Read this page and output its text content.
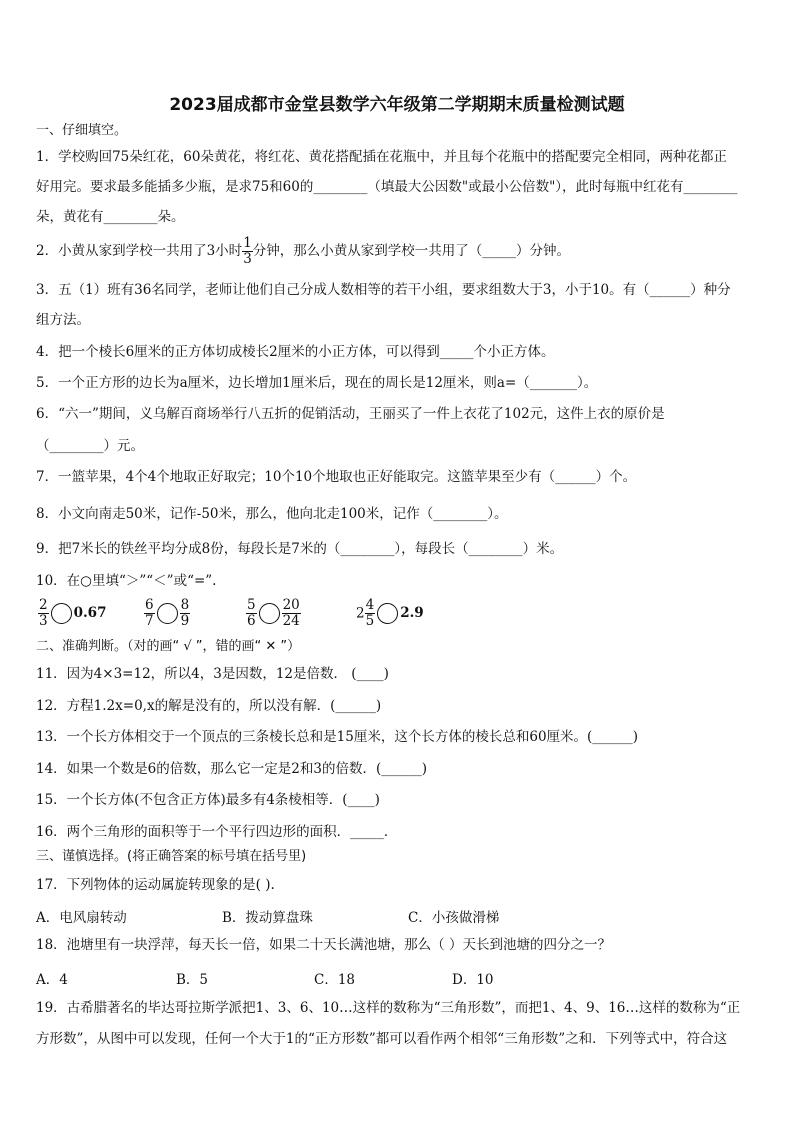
2023届成都市金堂县数学六年级第二学期期末质量检测试题
一、仔细填空。
1．学校购回75朵红花，60朵黄花，将红花、黄花搭配插在花瓶中，并且每个花瓶中的搭配要完全相同，两种花都正
好用完。要求最多能插多少瓶，是求75和60的________（填最大公因数"或最小公倍数"），此时每瓶中红花有________
朵，黄花有________朵。
2．小黄从家到学校一共用了3小时 $\frac{1}{3}$ 分钟，那么小黄从家到学校一共用了（_____）分钟。
3．五（1）班有36名同学，老师让他们自己分成人数相等的若干小组，要求组数大于3，小于10。有（______）种分
组方法。
4．把一个棱长6厘米的正方体切成棱长2厘米的小正方体，可以得到_____个小正方体。
5．一个正方形的边长为a厘米，边长增加1厘米后，现在的周长是12厘米，则a=（_______）。
6．“六一”期间，义乌解百商场举行八五折的促销活动，王丽买了一件上衣花了102元，这件上衣的原价是
（________）元。
7．一篮苹果，4个4个地取正好取完；10个10个地取也正好能取完。这篮苹果至少有（______）个。
8．小文向南走50米，记作-50米，那么，他向北走100米，记作（________）。
9．把7米长的铁丝平均分成8份，每段长是7米的（________），每段长（________）米。
10．在○里填“＞”“＜”或“=”.
$\frac{2}{3} 0.67$	$\frac{6}{7} \frac{8}{9}$	$\frac{5}{6} \frac{20}{24}$	$2 \frac{4}{5} 2.9$
二、准确判断。（对的画“ √ ”，错的画“ ✕ ”）
11．因为4×3=12，所以4，3是因数，12是倍数． (____)
12．方程1.2x=0,x的解是没有的，所以没有解．(______)
13．一个长方体相交于一个顶点的三条棱长总和是15厘米，这个长方体的棱长总和60厘米。(______)
14．如果一个数是6的倍数，那么它一定是2和3的倍数．(______)
15．一个长方体(不包含正方体)最多有4条棱相等．(____)
16．两个三角形的面积等于一个平行四边形的面积．_____．
三、谨慎选择。(将正确答案的标号填在括号里)
17．下列物体的运动属旋转现象的是( ).
A．电风扇转动	B．拨动算盘珠	C．小孩做滑梯
18．池塘里有一块浮萍，每天长一倍，如果二十天长满池塘，那么（ ）天长到池塘的四分之一？
A．4	B．5	C．18	D．10
19．古希腊著名的毕达哥拉斯学派把1、3、6、10…这样的数称为“三角形数”，而把1、4、9、16…这样的数称为“正
方形数”，从图中可以发现，任何一个大于1的“正方形数”都可以看作两个相邻“三角形数”之和．下列等式中，符合这
